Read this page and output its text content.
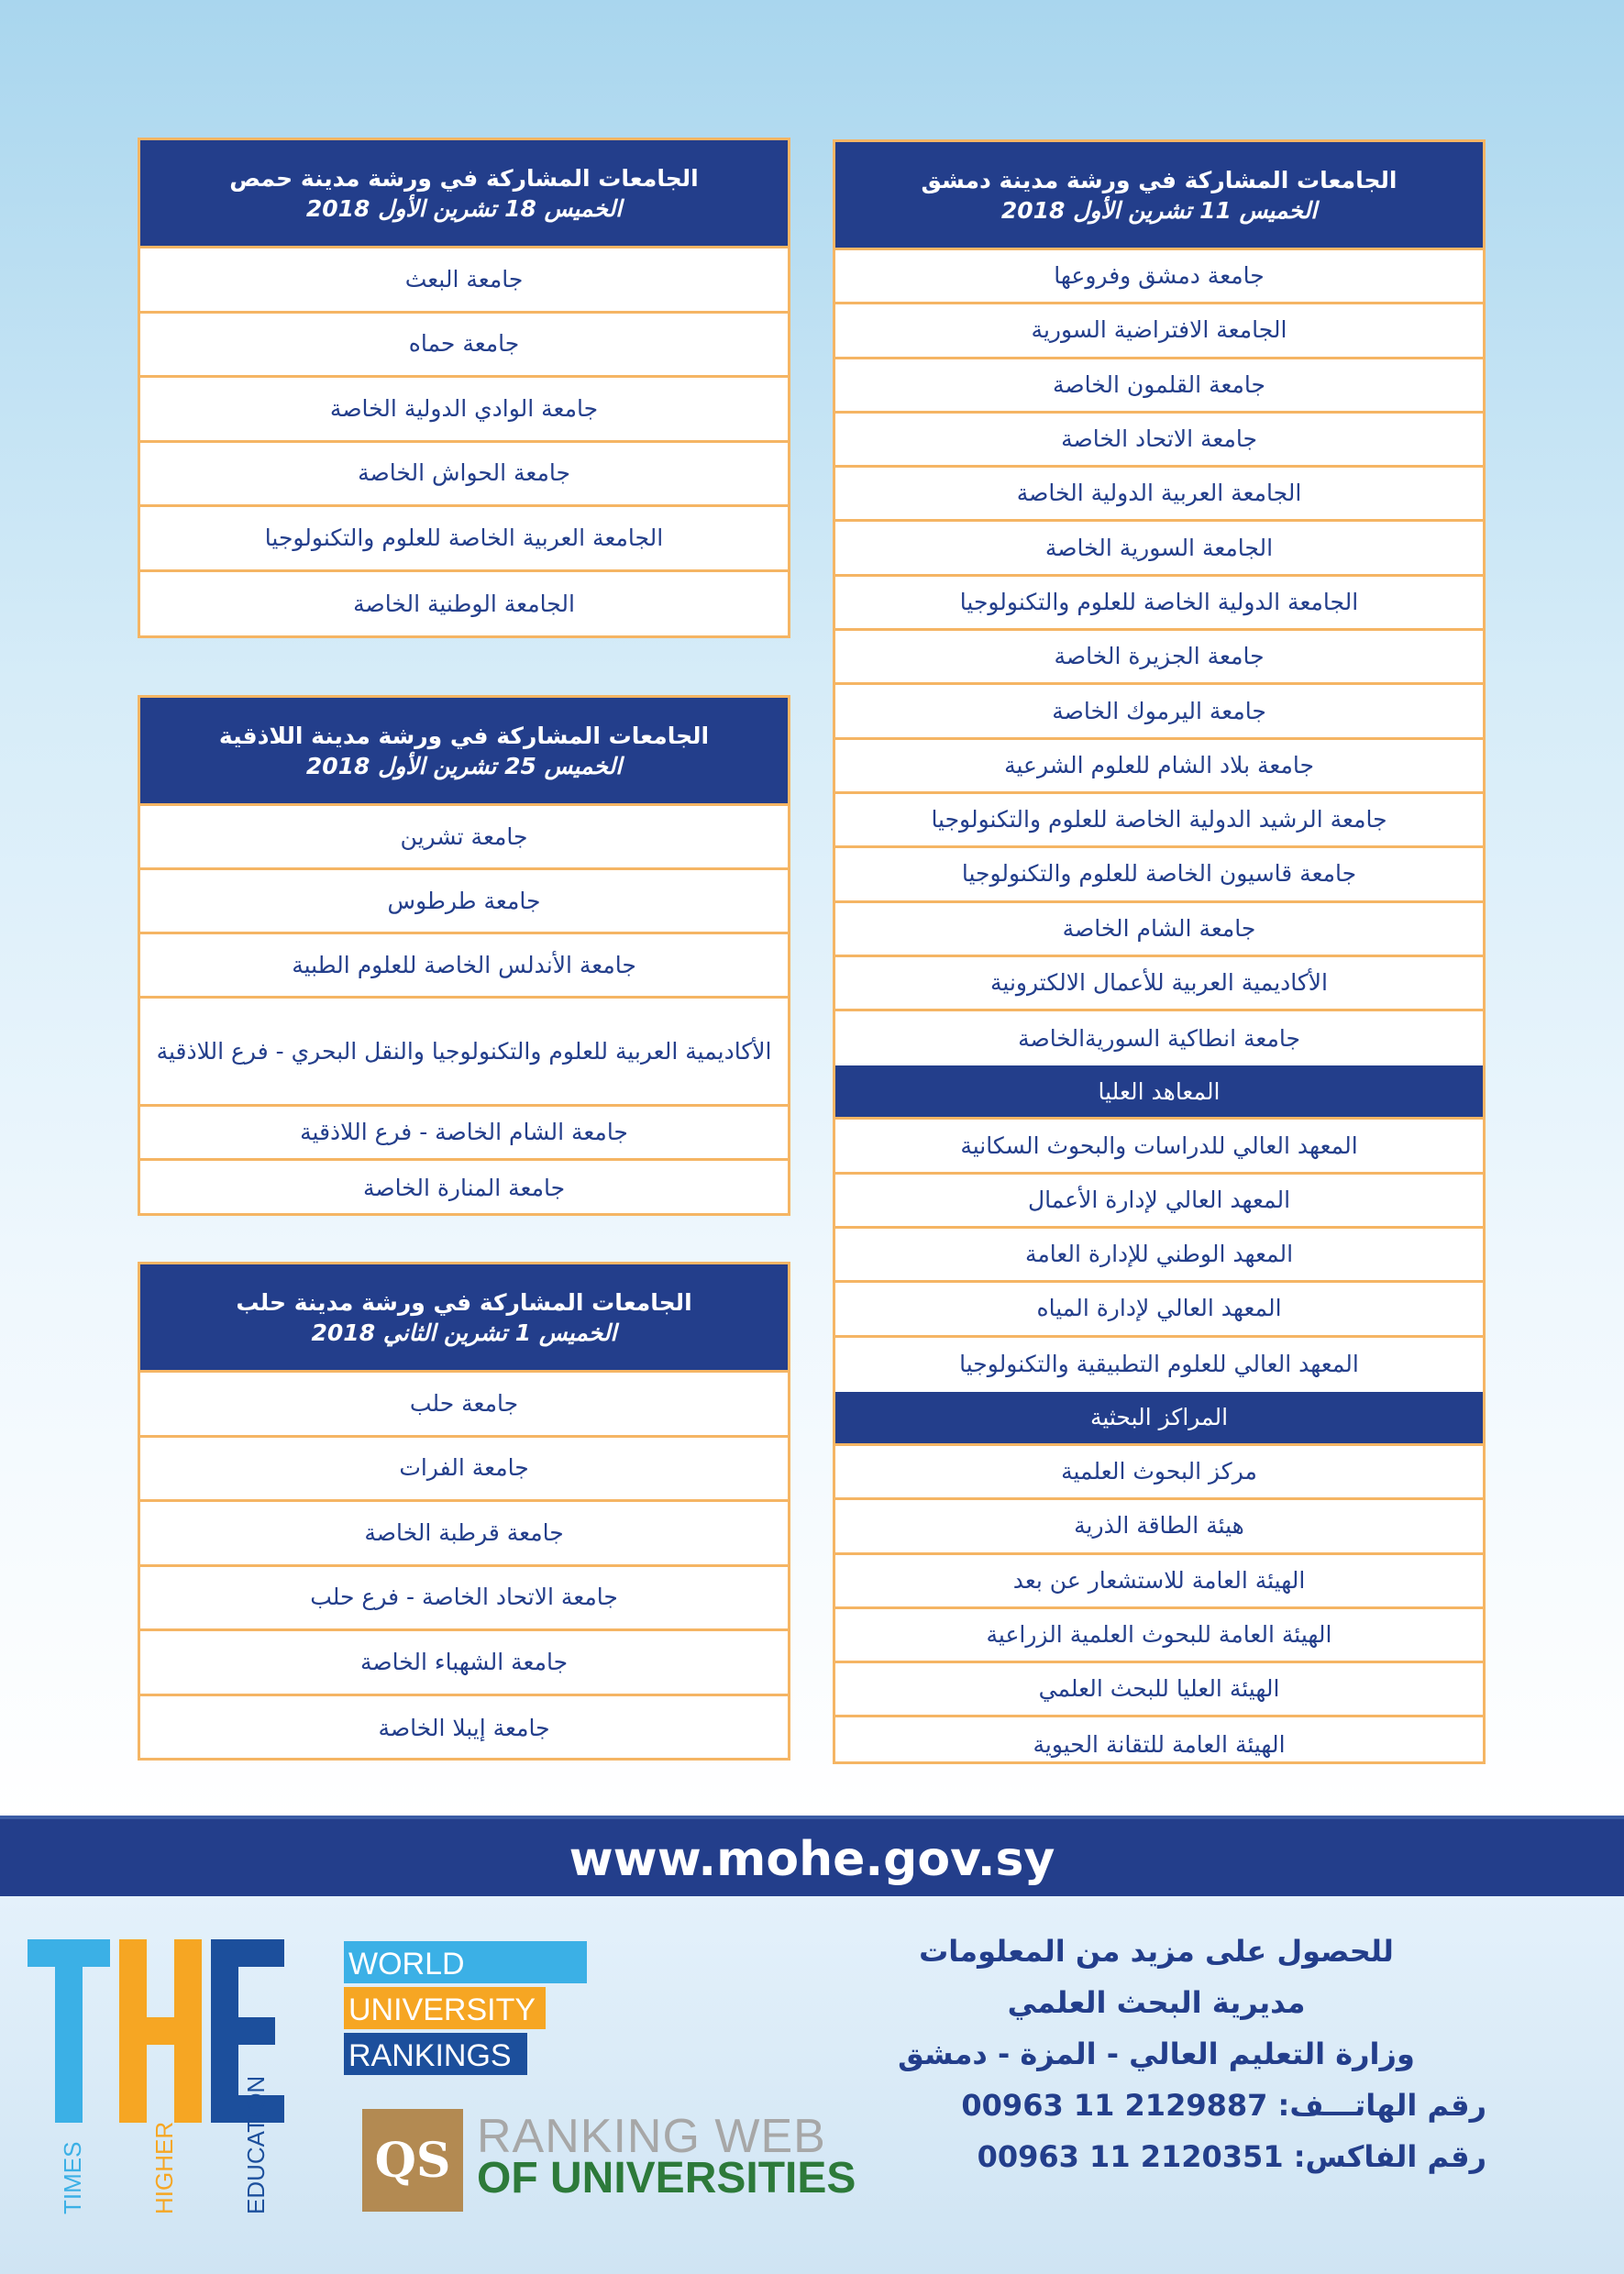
الجامعات المشاركة في ورشة مدينة دمشق
الخميس 11 تشرين الأول 2018
جامعة دمشق وفروعها
الجامعة الافتراضية السورية
جامعة القلمون الخاصة
جامعة الاتحاد الخاصة
الجامعة العربية الدولية الخاصة
الجامعة السورية الخاصة
الجامعة الدولية الخاصة للعلوم والتكنولوجيا
جامعة الجزيرة الخاصة
جامعة اليرموك الخاصة
جامعة بلاد الشام للعلوم الشرعية
جامعة الرشيد الدولية الخاصة للعلوم والتكنولوجيا
جامعة قاسيون الخاصة للعلوم والتكنولوجيا
جامعة الشام الخاصة
الأكاديمية العربية للأعمال الالكترونية
جامعة انطاكية السوريةالخاصة
المعاهد العليا
المعهد العالي للدراسات والبحوث السكانية
المعهد العالي لإدارة الأعمال
المعهد الوطني للإدارة العامة
المعهد العالي لإدارة المياه
المعهد العالي للعلوم التطبيقية والتكنولوجيا
المراكز البحثية
مركز البحوث العلمية
هيئة الطاقة الذرية
الهيئة العامة للاستشعار عن بعد
الهيئة العامة للبحوث العلمية الزراعية
الهيئة العليا للبحث العلمي
الهيئة العامة للتقانة الحيوية
الجامعات المشاركة في ورشة مدينة حمص
الخميس 18 تشرين الأول 2018
جامعة البعث
جامعة حماه
جامعة الوادي الدولية الخاصة
جامعة الحواش الخاصة
الجامعة العربية الخاصة للعلوم والتكنولوجيا
الجامعة الوطنية الخاصة
الجامعات المشاركة في ورشة مدينة اللاذقية
الخميس 25 تشرين الأول 2018
جامعة تشرين
جامعة طرطوس
جامعة الأندلس الخاصة للعلوم الطبية
الأكاديمية العربية للعلوم والتكنولوجيا والنقل البحري - فرع اللاذقية
جامعة الشام الخاصة - فرع اللاذقية
جامعة المنارة الخاصة
الجامعات المشاركة في ورشة مدينة حلب
الخميس 1 تشرين الثاني 2018
جامعة حلب
جامعة الفرات
جامعة قرطبة الخاصة
جامعة الاتحاد الخاصة - فرع حلب
جامعة الشهباء الخاصة
جامعة إيبلا الخاصة
www.mohe.gov.sy
للحصول على مزيد من المعلومات
مديرية البحث العلمي
وزارة التعليم العالي - المزة - دمشق
رقم الهاتـــف: 2129887 11 00963
رقم الفاكس: 2120351 11 00963
TIMES	HIGHER	EDUCATION
WORLD
UNIVERSITY
RANKINGS
QS RANKING WEB
OF UNIVERSITIES
